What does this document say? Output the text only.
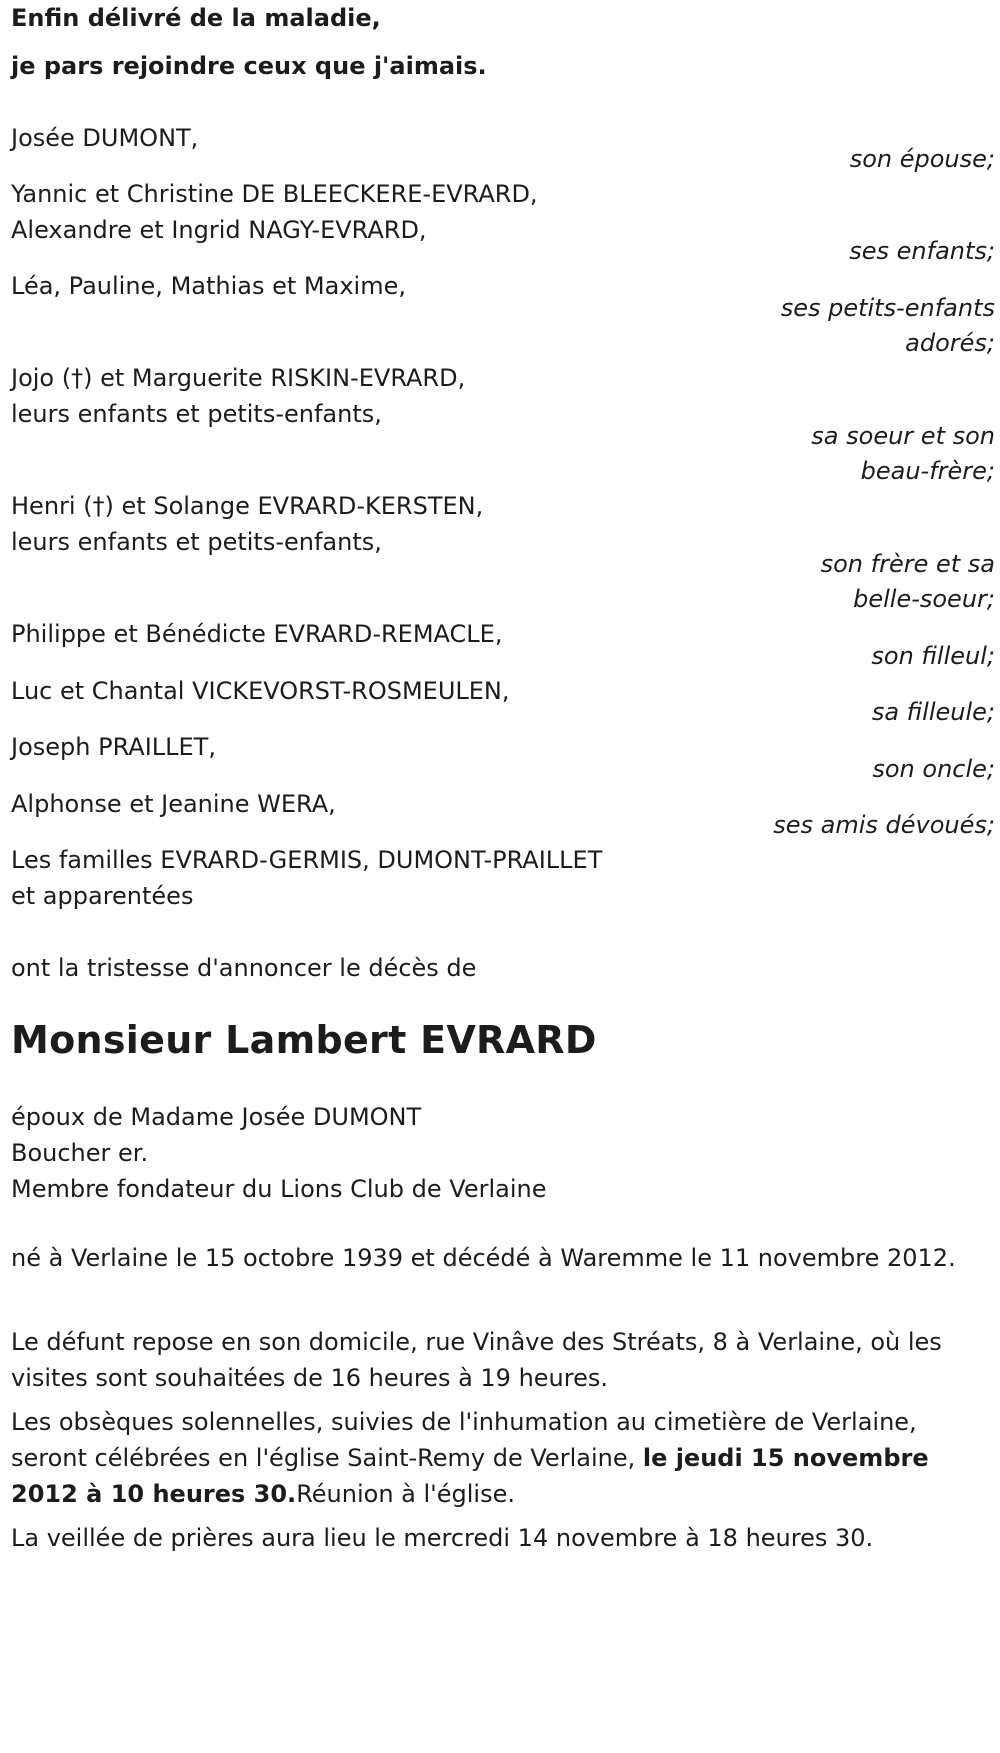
Enfin délivré de la maladie,
je pars rejoindre ceux que j'aimais.
Josée DUMONT,
son épouse;
Yannic et Christine DE BLEECKERE-EVRARD,
Alexandre et Ingrid NAGY-EVRARD,
ses enfants;
Léa, Pauline, Mathias et Maxime,
ses petits-enfants
adorés;
Jojo (†) et Marguerite RISKIN-EVRARD,
leurs enfants et petits-enfants,
sa soeur et son
beau-frère;
Henri (†) et Solange EVRARD-KERSTEN,
leurs enfants et petits-enfants,
son frère et sa
belle-soeur;
Philippe et Bénédicte EVRARD-REMACLE,
son filleul;
Luc et Chantal VICKEVORST-ROSMEULEN,
sa filleule;
Joseph PRAILLET,
son oncle;
Alphonse et Jeanine WERA,
ses amis dévoués;
Les familles EVRARD-GERMIS, DUMONT-PRAILLET
et apparentées
ont la tristesse d'annoncer le décès de
Monsieur Lambert EVRARD
époux de Madame Josée DUMONT
Boucher er.
Membre fondateur du Lions Club de Verlaine
né à Verlaine le 15 octobre 1939 et décédé à Waremme le 11 novembre 2012.
Le défunt repose en son domicile, rue Vinâve des Stréats, 8 à Verlaine, où les visites sont souhaitées de 16 heures à 19 heures.
Les obsèques solennelles, suivies de l'inhumation au cimetière de Verlaine, seront célébrées en l'église Saint-Remy de Verlaine, le jeudi 15 novembre 2012 à 10 heures 30.Réunion à l'église.
La veillée de prières aura lieu le mercredi 14 novembre à 18 heures 30.
